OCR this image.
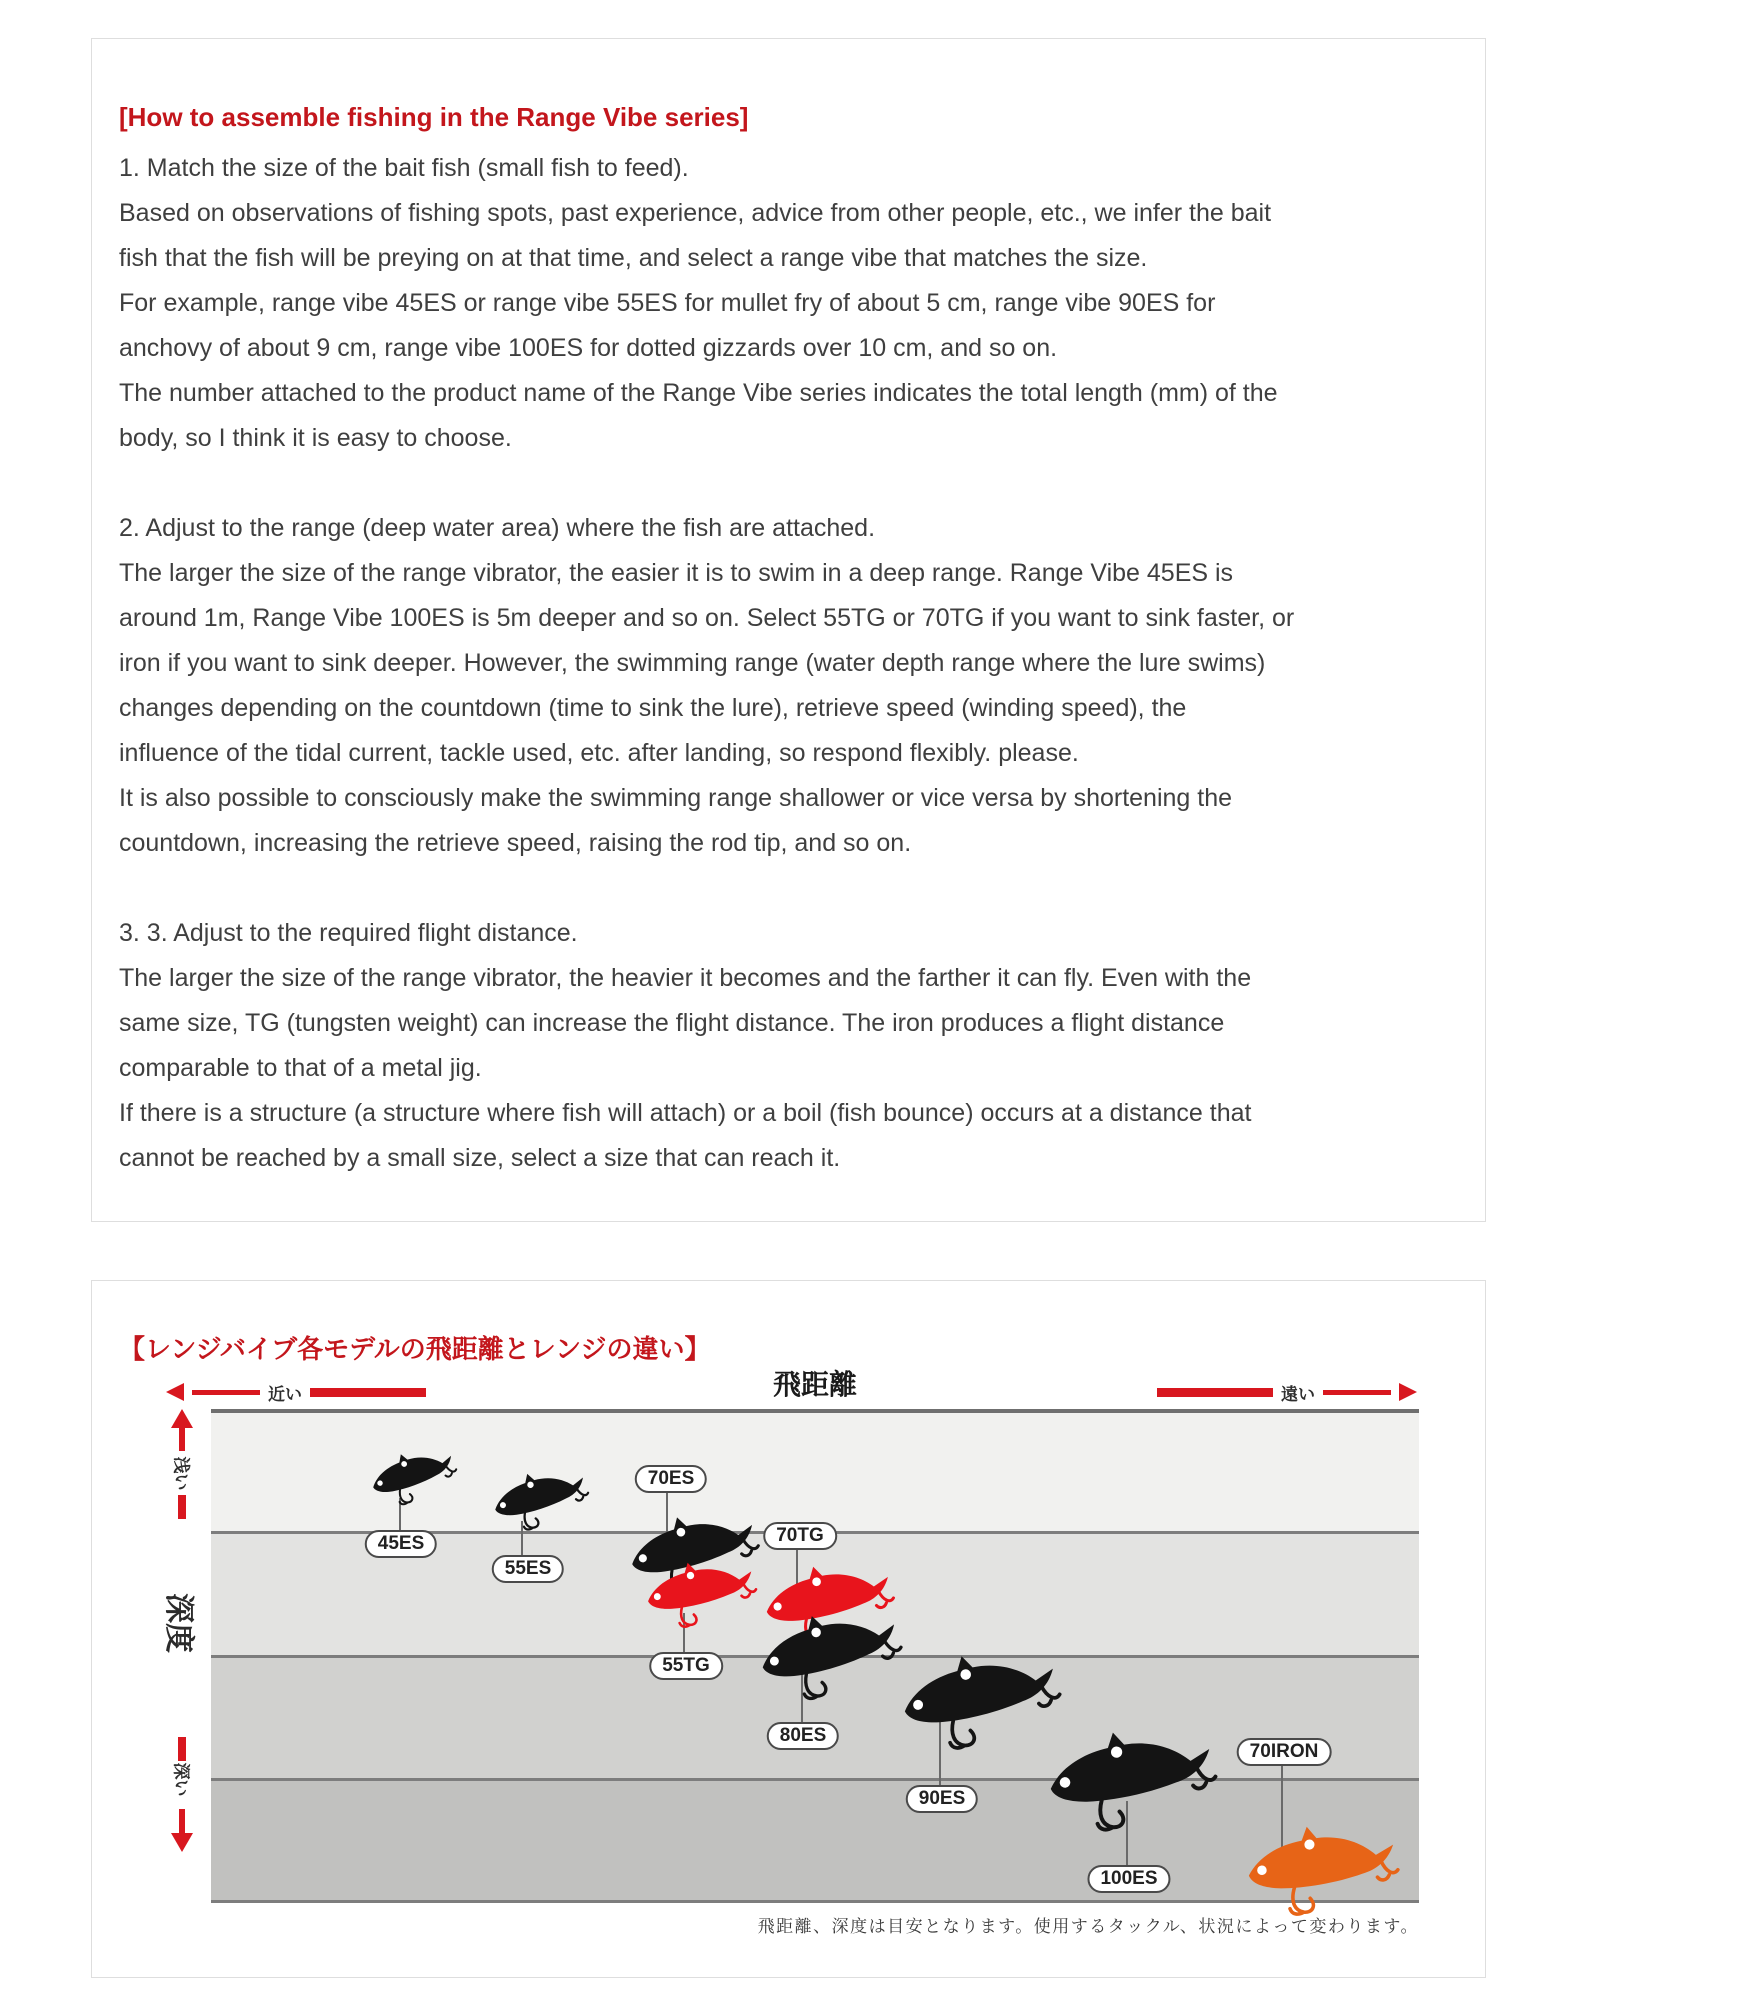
[How to assemble fishing in the Range Vibe series]
1. Match the size of the bait fish (small fish to feed).
Based on observations of fishing spots, past experience, advice from other people, etc., we infer the bait
fish that the fish will be preying on at that time, and select a range vibe that matches the size.
For example, range vibe 45ES or range vibe 55ES for mullet fry of about 5 cm, range vibe 90ES for
anchovy of about 9 cm, range vibe 100ES for dotted gizzards over 10 cm, and so on.
The number attached to the product name of the Range Vibe series indicates the total length (mm) of the
body, so I think it is easy to choose.
2. Adjust to the range (deep water area) where the fish are attached.
The larger the size of the range vibrator, the easier it is to swim in a deep range. Range Vibe 45ES is
around 1m, Range Vibe 100ES is 5m deeper and so on. Select 55TG or 70TG if you want to sink faster, or
iron if you want to sink deeper. However, the swimming range (water depth range where the lure swims)
changes depending on the countdown (time to sink the lure), retrieve speed (winding speed), the
influence of the tidal current, tackle used, etc. after landing, so respond flexibly. please.
It is also possible to consciously make the swimming range shallower or vice versa by shortening the
countdown, increasing the retrieve speed, raising the rod tip, and so on.
3. 3. Adjust to the required flight distance.
The larger the size of the range vibrator, the heavier it becomes and the farther it can fly. Even with the
same size, TG (tungsten weight) can increase the flight distance. The iron produces a flight distance
comparable to that of a metal jig.
If there is a structure (a structure where fish will attach) or a boil (fish bounce) occurs at a distance that
cannot be reached by a small size, select a size that can reach it.
【レンジバイブ各モデルの飛距離とレンジの違い】
飛距離
近い	遠い
浅い
深度
深い
45ES
55ES
70ES
55TG
70TG
80ES
90ES
100ES
70IRON
飛距離、深度は目安となります。使用するタックル、状況によって変わります。
